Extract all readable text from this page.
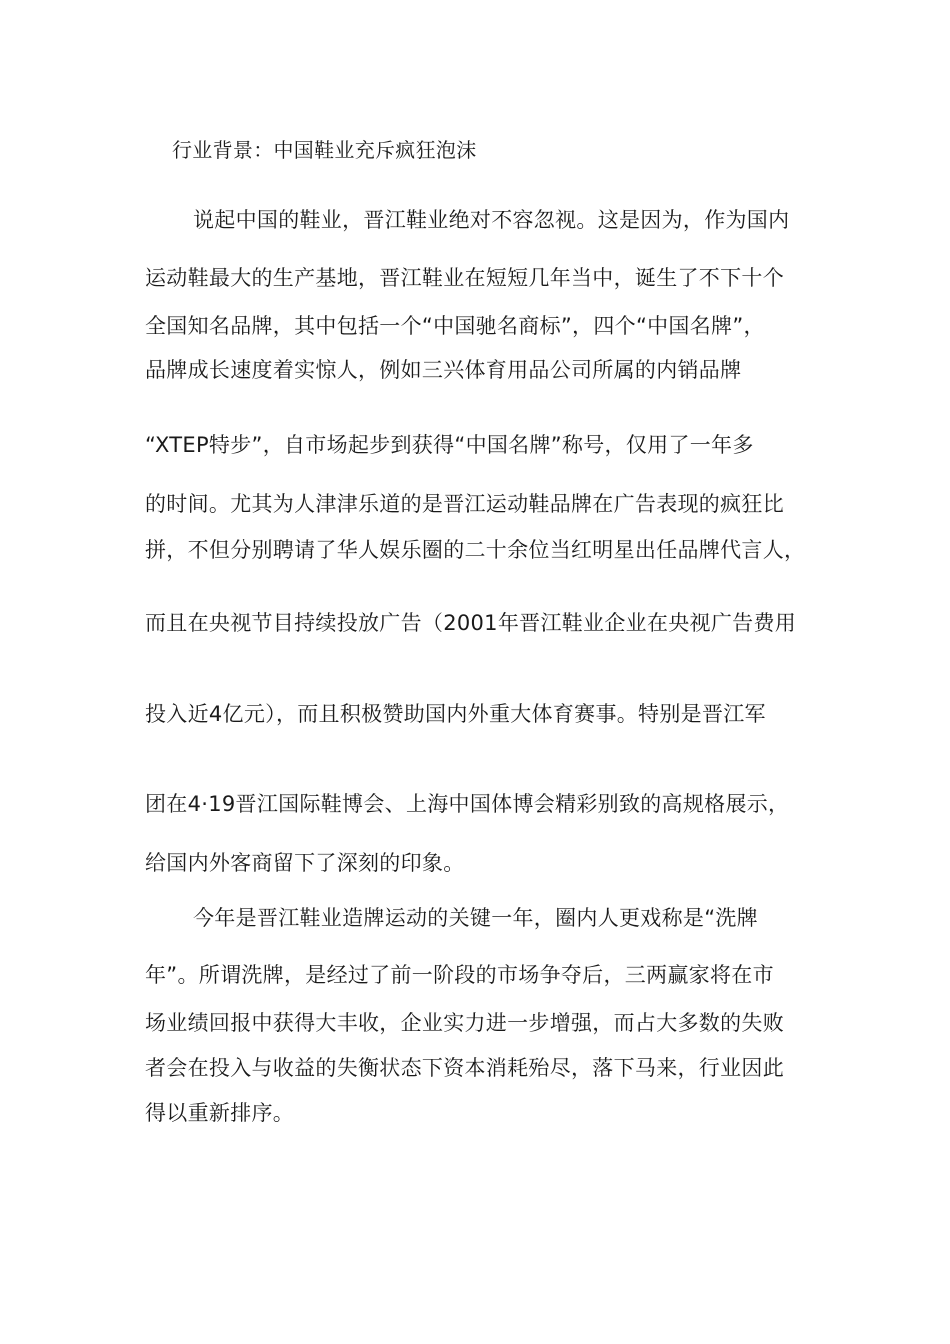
行业背景：中国鞋业充斥疯狂泡沫
说起中国的鞋业，晋江鞋业绝对不容忽视。这是因为，作为国内
运动鞋最大的生产基地，晋江鞋业在短短几年当中，诞生了不下十个
全国知名品牌，其中包括一个“中国驰名商标”，四个“中国名牌”，
品牌成长速度着实惊人，例如三兴体育用品公司所属的内销品牌
“XTEP特步”，自市场起步到获得“中国名牌”称号，仅用了一年多
的时间。尤其为人津津乐道的是晋江运动鞋品牌在广告表现的疯狂比
拼，不但分别聘请了华人娱乐圈的二十余位当红明星出任品牌代言人，
而且在央视节目持续投放广告（2001年晋江鞋业企业在央视广告费用
投入近4亿元），而且积极赞助国内外重大体育赛事。特别是晋江军
团在4·19晋江国际鞋博会、上海中国体博会精彩别致的高规格展示，
给国内外客商留下了深刻的印象。
今年是晋江鞋业造牌运动的关键一年，圈内人更戏称是“洗牌
年”。所谓洗牌，是经过了前一阶段的市场争夺后，三两赢家将在市
场业绩回报中获得大丰收，企业实力进一步增强，而占大多数的失败
者会在投入与收益的失衡状态下资本消耗殆尽，落下马来，行业因此
得以重新排序。
